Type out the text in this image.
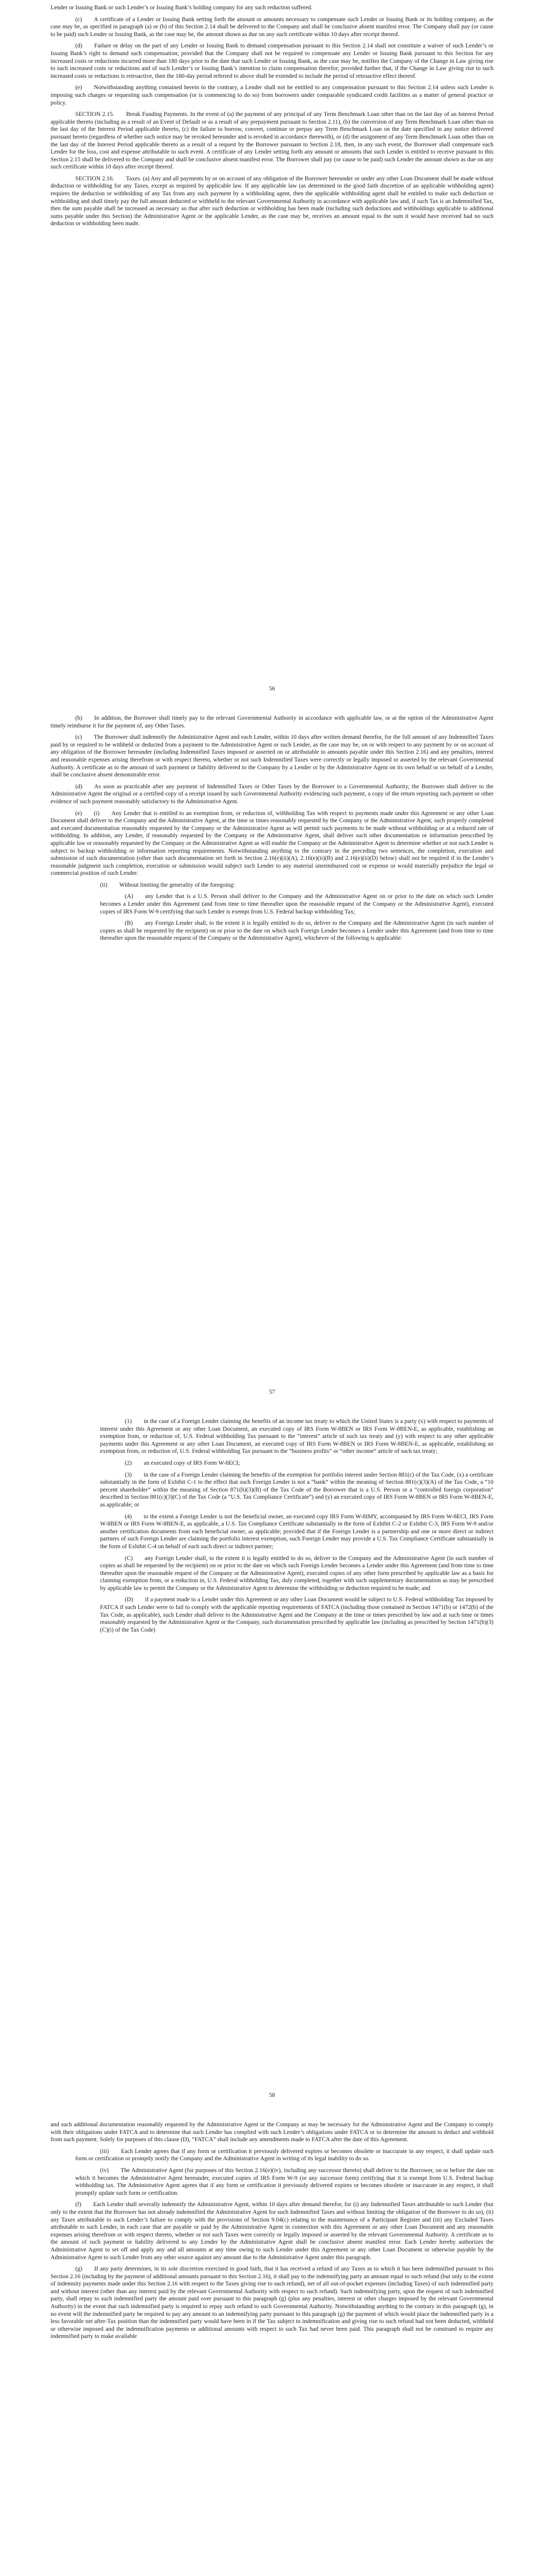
Lender or Issuing Bank or such Lender’s or Issuing Bank’s holding company for any such reduction suffered.

(c)  A certificate of a Lender or Issuing Bank setting forth the amount or amounts necessary to compensate such Lender or Issuing Bank or its holding company, as the case may be, as specified in paragraph (a) or (b) of this Section 2.14 shall be delivered to the Company and shall be conclusive absent manifest error. The Company shall pay (or cause to be paid) such Lender or Issuing Bank, as the case may be, the amount shown as due on any such certificate within 10 days after receipt thereof.

(d)  Failure or delay on the part of any Lender or Issuing Bank to demand compensation pursuant to this Section 2.14 shall not constitute a waiver of such Lender’s or Issuing Bank’s right to demand such compensation; provided that the Company shall not be required to compensate any Lender or Issuing Bank pursuant to this Section for any increased costs or reductions incurred more than 180 days prior to the date that such Lender or Issuing Bank, as the case may be, notifies the Company of the Change in Law giving rise to such increased costs or reductions and of such Lender’s or Issuing Bank’s intention to claim compensation therefor; provided further that, if the Change in Law giving rise to such increased costs or reductions is retroactive, then the 180-day period referred to above shall be extended to include the period of retroactive effect thereof.

(e)  Notwithstanding anything contained herein to the contrary, a Lender shall not be entitled to any compensation pursuant to this Section 2.14 unless such Lender is imposing such charges or requesting such compensation (or is commencing to do so) from borrowers under comparable syndicated credit facilities as a matter of general practice or policy.

SECTION 2.15.  Break Funding Payments. In the event of (a) the payment of any principal of any Term Benchmark Loan other than on the last day of an Interest Period applicable thereto (including as a result of an Event of Default or as a result of any prepayment pursuant to Section 2.11), (b) the conversion of any Term Benchmark Loan other than on the last day of the Interest Period applicable thereto, (c) the failure to borrow, convert, continue or prepay any Term Benchmark Loan on the date specified in any notice delivered pursuant hereto (regardless of whether such notice may be revoked hereunder and is revoked in accordance therewith), or (d) the assignment of any Term Benchmark Loan other than on the last day of the Interest Period applicable thereto as a result of a request by the Borrower pursuant to Section 2.18, then, in any such event, the Borrower shall compensate each Lender for the loss, cost and expense attributable to such event. A certificate of any Lender setting forth any amount or amounts that such Lender is entitled to receive pursuant to this Section 2.15 shall be delivered to the Company and shall be conclusive absent manifest error. The Borrower shall pay (or cause to be paid) such Lender the amount shown as due on any such certificate within 10 days after receipt thereof.

SECTION 2.16.  Taxes. (a) Any and all payments by or on account of any obligation of the Borrower hereunder or under any other Loan Document shall be made without deduction or withholding for any Taxes, except as required by applicable law. If any applicable law (as determined in the good faith discretion of an applicable withholding agent) requires the deduction or withholding of any Tax from any such payment by a withholding agent, then the applicable withholding agent shall be entitled to make such deduction or withholding and shall timely pay the full amount deducted or withheld to the relevant Governmental Authority in accordance with applicable law and, if such Tax is an Indemnified Tax, then the sum payable shall be increased as necessary so that after such deduction or withholding has been made (including such deductions and withholdings applicable to additional sums payable under this Section) the Administrative Agent or the applicable Lender, as the case may be, receives an amount equal to the sum it would have received had no such deduction or withholding been made.

56

(b)  In addition, the Borrower shall timely pay to the relevant Governmental Authority in accordance with applicable law, or at the option of the Administrative Agent timely reimburse it for the payment of, any Other Taxes.

(c)  The Borrower shall indemnify the Administrative Agent and each Lender, within 10 days after written demand therefor, for the full amount of any Indemnified Taxes paid by or required to be withheld or deducted from a payment to the Administrative Agent or such Lender, as the case may be, on or with respect to any payment by or on account of any obligation of the Borrower hereunder (including Indemnified Taxes imposed or asserted on or attributable to amounts payable under this Section 2.16) and any penalties, interest and reasonable expenses arising therefrom or with respect thereto, whether or not such Indemnified Taxes were correctly or legally imposed or asserted by the relevant Governmental Authority. A certificate as to the amount of such payment or liability delivered to the Company by a Lender or by the Administrative Agent on its own behalf or on behalf of a Lender, shall be conclusive absent demonstrable error.

(d)  As soon as practicable after any payment of Indemnified Taxes or Other Taxes by the Borrower to a Governmental Authority, the Borrower shall deliver to the Administrative Agent the original or a certified copy of a receipt issued by such Governmental Authority evidencing such payment, a copy of the return reporting such payment or other evidence of such payment reasonably satisfactory to the Administrative Agent.

(e)  (i)  Any Lender that is entitled to an exemption from, or reduction of, withholding Tax with respect to payments made under this Agreement or any other Loan Document shall deliver to the Company and the Administrative Agent, at the time or times reasonably requested by the Company or the Administrative Agent, such properly completed and executed documentation reasonably requested by the Company or the Administrative Agent as will permit such payments to be made without withholding or at a reduced rate of withholding. In addition, any Lender, if reasonably requested by the Company or the Administrative Agent, shall deliver such other documentation or information prescribed by applicable law or reasonably requested by the Company or the Administrative Agent as will enable the Company or the Administrative Agent to determine whether or not such Lender is subject to backup withholding or information reporting requirements. Notwithstanding anything to the contrary in the preceding two sentences, the completion, execution and submission of such documentation (other than such documentation set forth in Section 2.16(e)(ii)(A), 2.16(e)(ii)(B) and 2.16(e)(ii)(D) below) shall not be required if in the Lender’s reasonable judgment such completion, execution or submission would subject such Lender to any material unreimbursed cost or expense or would materially prejudice the legal or commercial position of such Lender.

(ii)  Without limiting the generality of the foregoing:

(A)  any Lender that is a U.S. Person shall deliver to the Company and the Administrative Agent on or prior to the date on which such Lender becomes a Lender under this Agreement (and from time to time thereafter upon the reasonable request of the Company or the Administrative Agent), executed copies of IRS Form W-9 certifying that such Lender is exempt from U.S. Federal backup withholding Tax;

(B)  any Foreign Lender shall, to the extent it is legally entitled to do so, deliver to the Company and the Administrative Agent (in such number of copies as shall be requested by the recipient) on or prior to the date on which such Foreign Lender becomes a Lender under this Agreement (and from time to time thereafter upon the reasonable request of the Company or the Administrative Agent), whichever of the following is applicable:

57

(1)  in the case of a Foreign Lender claiming the benefits of an income tax treaty to which the United States is a party (x) with respect to payments of interest under this Agreement or any other Loan Document, an executed copy of IRS Form W-8BEN or IRS Form W-8BEN-E, as applicable, establishing an exemption from, or reduction of, U.S. Federal withholding Tax pursuant to the “interest” article of such tax treaty and (y) with respect to any other applicable payments under this Agreement or any other Loan Document, an executed copy of IRS Form W-8BEN or IRS Form W-8BEN-E, as applicable, establishing an exemption from, or reduction of, U.S. Federal withholding Tax pursuant to the “business profits” or “other income” article of such tax treaty;

(2)  an executed copy of IRS Form W-8ECI;

(3)  in the case of a Foreign Lender claiming the benefits of the exemption for portfolio interest under Section 881(c) of the Tax Code, (x) a certificate substantially in the form of Exhibit C-1 to the effect that such Foreign Lender is not a “bank” within the meaning of Section 881(c)(3)(A) of the Tax Code, a “10 percent shareholder” within the meaning of Section 871(h)(3)(B) of the Tax Code of the Borrower that is a U.S. Person or a “controlled foreign corporation” described in Section 881(c)(3)(C) of the Tax Code (a “U.S. Tax Compliance Certificate”) and (y) an executed copy of IRS Form W-8BEN or IRS Form W-8BEN-E, as applicable; or

(4)  to the extent a Foreign Lender is not the beneficial owner, an executed copy IRS Form W-8IMY, accompanied by IRS Form W-8ECI, IRS Form W-8BEN or IRS Form W-8BEN-E, as applicable, a U.S. Tax Compliance Certificate substantially in the form of Exhibit C-2 or Exhibit C-3, IRS Form W-9 and/or another certification documents from each beneficial owner, as applicable; provided that if the Foreign Lender is a partnership and one or more direct or indirect partners of such Foreign Lender are claiming the portfolio interest exemption, such Foreign Lender may provide a U.S. Tax Compliance Certificate substantially in the form of Exhibit C-4 on behalf of each such direct or indirect partner;

(C)  any Foreign Lender shall, to the extent it is legally entitled to do so, deliver to the Company and the Administrative Agent (in such number of copies as shall be requested by the recipient) on or prior to the date on which such Foreign Lender becomes a Lender under this Agreement (and from time to time thereafter upon the reasonable request of the Company or the Administrative Agent), executed copies of any other form prescribed by applicable law as a basis for claiming exemption from, or a reduction in, U.S. Federal withholding Tax, duly completed, together with such supplementary documentation as may be prescribed by applicable law to permit the Company or the Administrative Agent to determine the withholding or deduction required to be made; and

(D)  if a payment made to a Lender under this Agreement or any other Loan Document would be subject to U.S. Federal withholding Tax imposed by FATCA if such Lender were to fail to comply with the applicable reporting requirements of FATCA (including those contained in Section 1471(b) or 1472(b) of the Tax Code, as applicable), such Lender shall deliver to the Administrative Agent and the Company at the time or times prescribed by law and at such time or times reasonably requested by the Administrative Agent or the Company, such documentation prescribed by applicable law (including as prescribed by Section 1471(b)(3)(C)(i) of the Tax Code)

58

and such additional documentation reasonably requested by the Administrative Agent or the Company as may be necessary for the Administrative Agent and the Company to comply with their obligations under FATCA and to determine that such Lender has complied with such Lender’s obligations under FATCA or to determine the amount to deduct and withhold from such payment. Solely for purposes of this clause (D), “FATCA” shall include any amendments made to FATCA after the date of this Agreement.

(iii)  Each Lender agrees that if any form or certification it previously delivered expires or becomes obsolete or inaccurate in any respect, it shall update such form or certification or promptly notify the Company and the Administrative Agent in writing of its legal inability to do so.

(iv)  The Administrative Agent (for purposes of this Section 2.16(e)(iv), including any successor thereto) shall deliver to the Borrower, on or before the date on which it becomes the Administrative Agent hereunder, executed copies of IRS Form W-9 (or any successor form) certifying that it is exempt from U.S. Federal backup withholding tax. The Administrative Agent agrees that if any form or certification it previously delivered expires or becomes obsolete or inaccurate in any respect, it shall promptly update such form or certification.

(f)  Each Lender shall severally indemnify the Administrative Agent, within 10 days after demand therefor, for (i) any Indemnified Taxes attributable to such Lender (but only to the extent that the Borrower has not already indemnified the Administrative Agent for such Indemnified Taxes and without limiting the obligation of the Borrower to do so), (ii) any Taxes attributable to such Lender’s failure to comply with the provisions of Section 9.04(c) relating to the maintenance of a Participant Register and (iii) any Excluded Taxes attributable to such Lender, in each case that are payable or paid by the Administrative Agent in connection with this Agreement or any other Loan Document and any reasonable expenses arising therefrom or with respect thereto, whether or not such Taxes were correctly or legally imposed or asserted by the relevant Governmental Authority. A certificate as to the amount of such payment or liability delivered to any Lender by the Administrative Agent shall be conclusive absent manifest error. Each Lender hereby authorizes the Administrative Agent to set off and apply any and all amounts at any time owing to such Lender under this Agreement or any other Loan Document or otherwise payable by the Administrative Agent to such Lender from any other source against any amount due to the Administrative Agent under this paragraph.

(g)  If any party determines, in its sole discretion exercised in good faith, that it has received a refund of any Taxes as to which it has been indemnified pursuant to this Section 2.16 (including by the payment of additional amounts pursuant to this Section 2.16), it shall pay to the indemnifying party an amount equal to such refund (but only to the extent of indemnity payments made under this Section 2.16 with respect to the Taxes giving rise to such refund), net of all out-of-pocket expenses (including Taxes) of such indemnified party and without interest (other than any interest paid by the relevant Governmental Authority with respect to such refund). Such indemnifying party, upon the request of such indemnified party, shall repay to such indemnified party the amount paid over pursuant to this paragraph (g) (plus any penalties, interest or other charges imposed by the relevant Governmental Authority) in the event that such indemnified party is required to repay such refund to such Governmental Authority. Notwithstanding anything to the contrary in this paragraph (g), in no event will the indemnified party be required to pay any amount to an indemnifying party pursuant to this paragraph (g) the payment of which would place the indemnified party in a less favorable net after-Tax position than the indemnified party would have been in if the Tax subject to indemnification and giving rise to such refund had not been deducted, withheld or otherwise imposed and the indemnification payments or additional amounts with respect to such Tax had never been paid. This paragraph shall not be construed to require any indemnified party to make available
